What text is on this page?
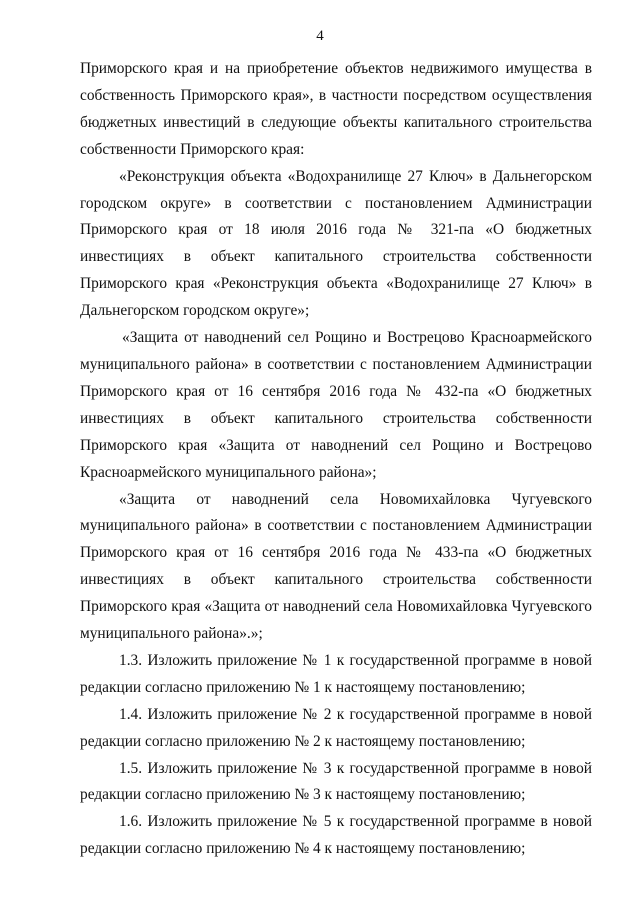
4

Приморского края и на приобретение объектов недвижимого имущества в собственность Приморского края», в частности посредством осуществления бюджетных инвестиций в следующие объекты капитального строительства собственности Приморского края:

«Реконструкция объекта «Водохранилище 27 Ключ» в Дальнегорском городском округе» в соответствии с постановлением Администрации Приморского края от 18 июля 2016 года № 321-па «О бюджетных инвестициях в объект капитального строительства собственности Приморского края «Реконструкция объекта «Водохранилище 27 Ключ» в Дальнегорском городском округе»;

«Защита от наводнений сел Рощино и Вострецово Красноармейского муниципального района» в соответствии с постановлением Администрации Приморского края от 16 сентября 2016 года № 432-па «О бюджетных инвестициях в объект капитального строительства собственности Приморского края «Защита от наводнений сел Рощино и Вострецово Красноармейского муниципального района»;

«Защита от наводнений села Новомихайловка Чугуевского муниципального района» в соответствии с постановлением Администрации Приморского края от 16 сентября 2016 года № 433-па «О бюджетных инвестициях в объект капитального строительства собственности Приморского края «Защита от наводнений села Новомихайловка Чугуевского муниципального района».»;

1.3. Изложить приложение № 1 к государственной программе в новой редакции согласно приложению № 1 к настоящему постановлению;

1.4. Изложить приложение № 2 к государственной программе в новой редакции согласно приложению № 2 к настоящему постановлению;

1.5. Изложить приложение № 3 к государственной программе в новой редакции согласно приложению № 3 к настоящему постановлению;

1.6. Изложить приложение № 5 к государственной программе в новой редакции согласно приложению № 4 к настоящему постановлению;
